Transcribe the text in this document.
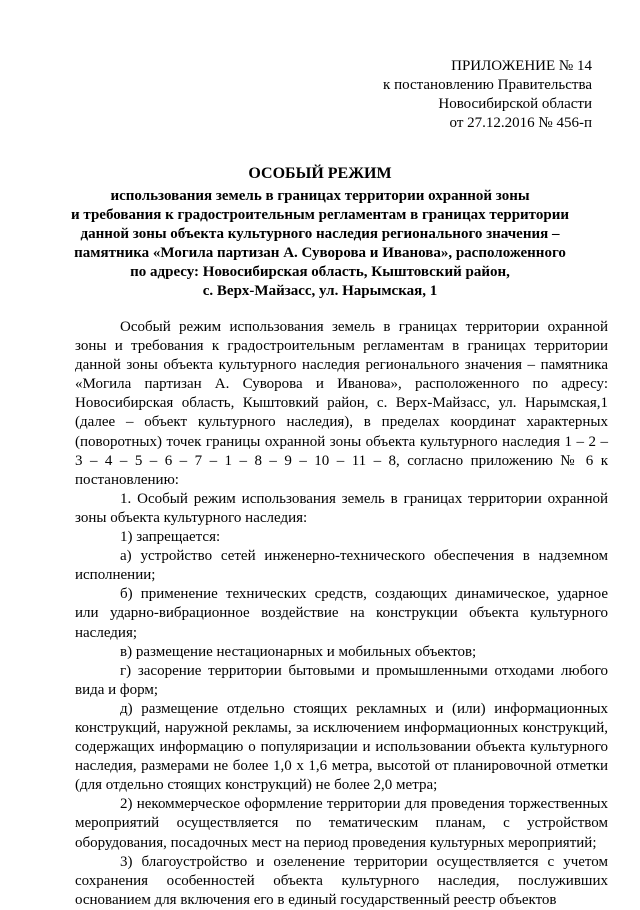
ПРИЛОЖЕНИЕ № 14
к постановлению Правительства
Новосибирской области
от 27.12.2016 № 456-п
ОСОБЫЙ РЕЖИМ
использования земель в границах территории охранной зоны
и требования к градостроительным регламентам в границах территории
данной зоны объекта культурного наследия регионального значения –
памятника «Могила партизан А. Суворова и Иванова», расположенного
по адресу: Новосибирская область, Кыштовский район,
с. Верх-Майзасс, ул. Нарымская, 1

Особый режим использования земель в границах территории охранной зоны и требования к градостроительным регламентам в границах территории данной зоны объекта культурного наследия регионального значения – памятника «Могила партизан А. Суворова и Иванова», расположенного по адресу: Новосибирская область, Кыштовкий район, с. Верх-Майзасс, ул. Нарымская,1 (далее – объект культурного наследия), в пределах координат характерных (поворотных) точек границы охранной зоны объекта культурного наследия 1 – 2 – 3 – 4 – 5 – 6 – 7 – 1 – 8 – 9 – 10 – 11 – 8, согласно приложению № 6 к постановлению:

1. Особый режим использования земель в границах территории охранной зоны объекта культурного наследия:

1) запрещается:

а) устройство сетей инженерно-технического обеспечения в надземном исполнении;

б) применение технических средств, создающих динамическое, ударное или ударно-вибрационное воздействие на конструкции объекта культурного наследия;

в) размещение нестационарных и мобильных объектов;

г) засорение территории бытовыми и промышленными отходами любого вида и форм;

д) размещение отдельно стоящих рекламных и (или) информационных конструкций, наружной рекламы, за исключением информационных конструкций, содержащих информацию о популяризации и использовании объекта культурного наследия, размерами не более 1,0 х 1,6 метра, высотой от планировочной отметки (для отдельно стоящих конструкций) не более 2,0 метра;

2) некоммерческое оформление территории для проведения торжественных мероприятий осуществляется по тематическим планам, с устройством оборудования, посадочных мест на период проведения культурных мероприятий;

3) благоустройство и озеленение территории осуществляется с учетом сохранения особенностей объекта культурного наследия, послуживших основанием для включения его в единый государственный реестр объектов
